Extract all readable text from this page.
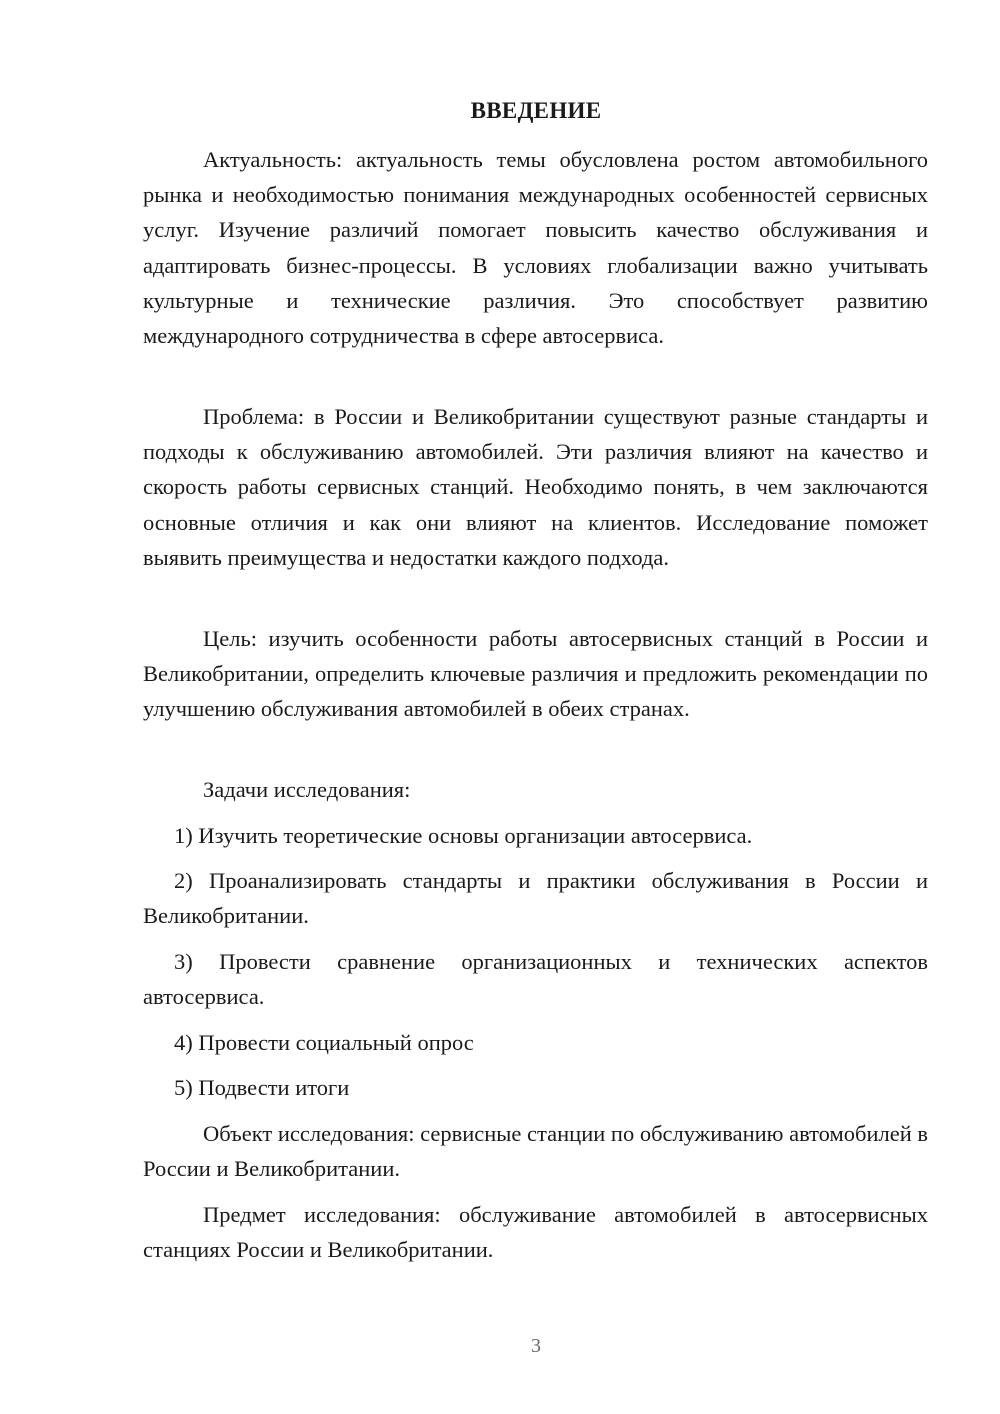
ВВЕДЕНИЕ

Актуальность: актуальность темы обусловлена ростом автомобильного рынка и необходимостью понимания международных особенностей сервисных услуг. Изучение различий помогает повысить качество обслуживания и адаптировать бизнес-процессы. В условиях глобализации важно учитывать культурные и технические различия. Это способствует развитию международного сотрудничества в сфере автосервиса.

Проблема: в России и Великобритании существуют разные стандарты и подходы к обслуживанию автомобилей. Эти различия влияют на качество и скорость работы сервисных станций. Необходимо понять, в чем заключаются основные отличия и как они влияют на клиентов. Исследование поможет выявить преимущества и недостатки каждого подхода.

Цель: изучить особенности работы автосервисных станций в России и Великобритании, определить ключевые различия и предложить рекомендации по улучшению обслуживания автомобилей в обеих странах.

Задачи исследования:

1) Изучить теоретические основы организации автосервиса.

2) Проанализировать стандарты и практики обслуживания в России и Великобритании.

3) Провести сравнение организационных и технических аспектов автосервиса.

4) Провести социальный опрос

5) Подвести итоги

Объект исследования: сервисные станции по обслуживанию автомобилей в России и Великобритании.

Предмет исследования: обслуживание автомобилей в автосервисных станциях России и Великобритании.

3
